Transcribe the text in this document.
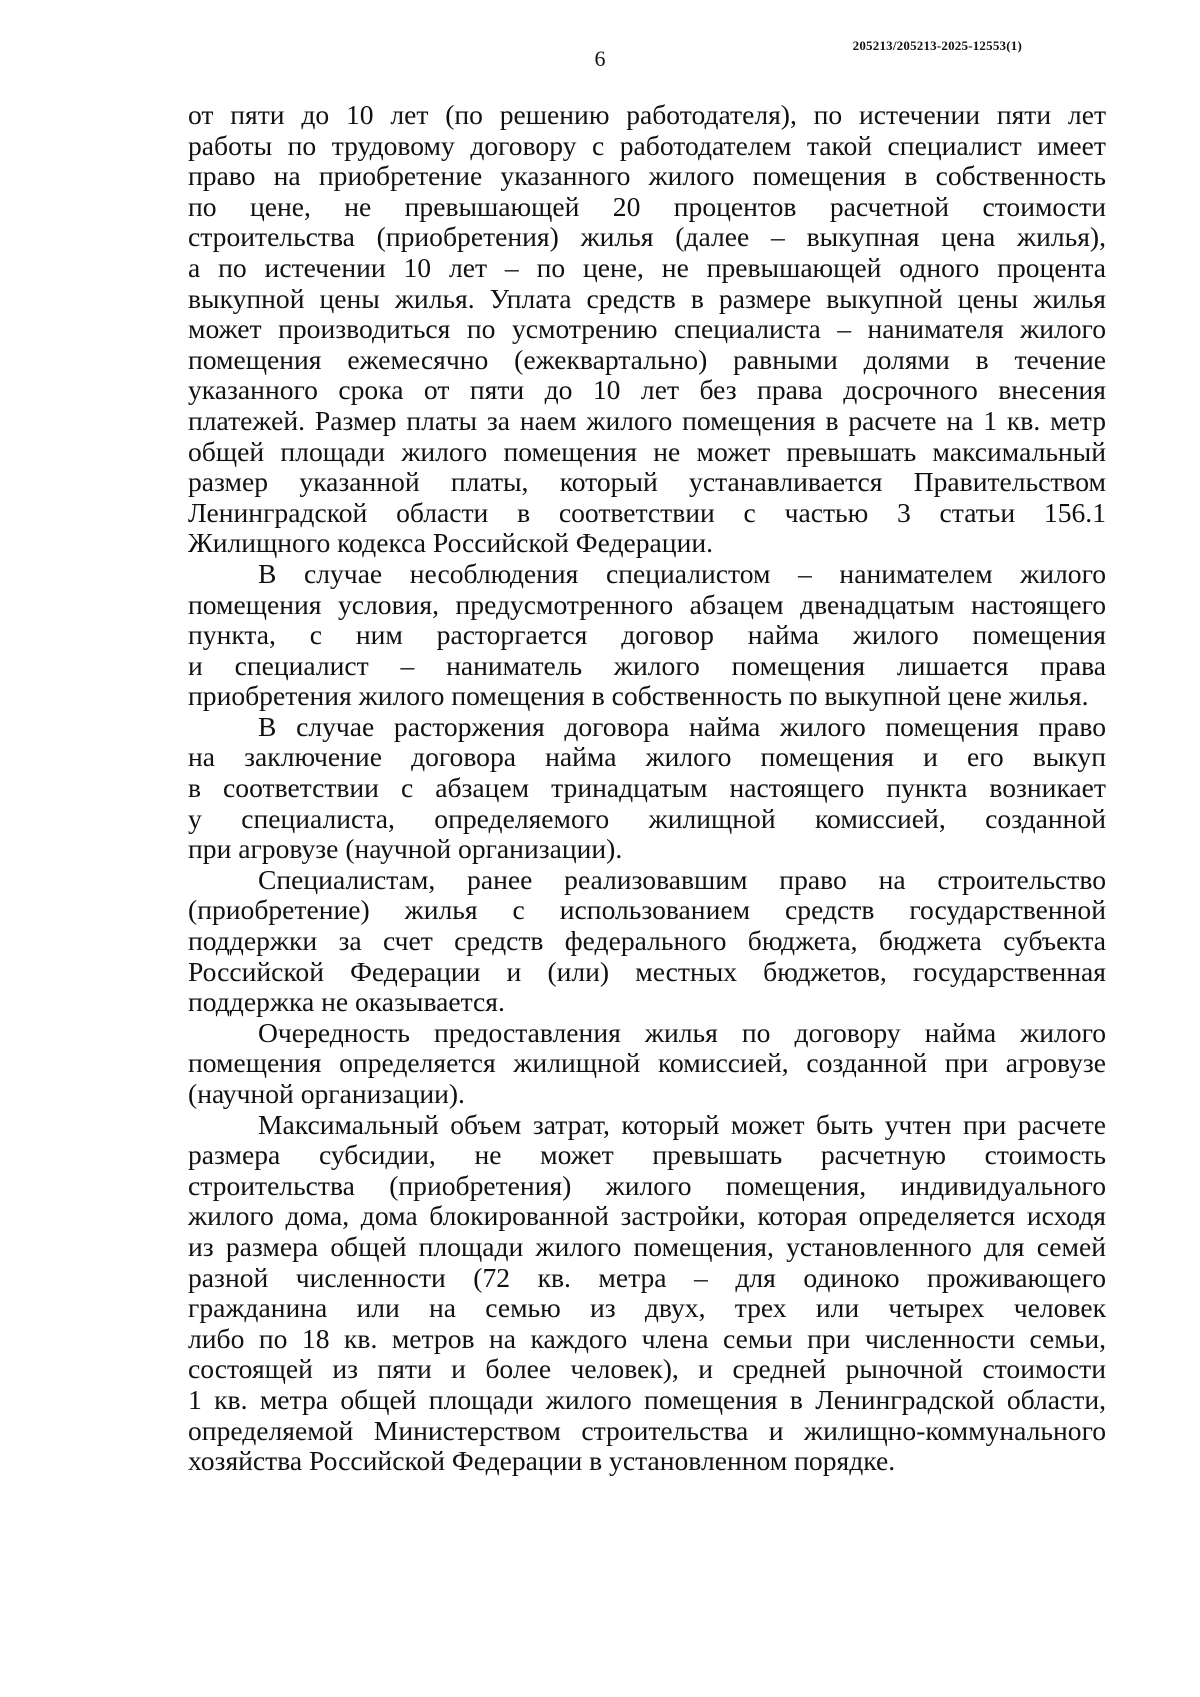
205213/205213-2025-12553(1)
6
от пяти до 10 лет (по решению работодателя), по истечении пяти лет
работы по трудовому договору с работодателем такой специалист имеет
право на приобретение указанного жилого помещения в собственность
по цене, не превышающей 20 процентов расчетной стоимости
строительства (приобретения) жилья (далее – выкупная цена жилья),
а по истечении 10 лет – по цене, не превышающей одного процента
выкупной цены жилья. Уплата средств в размере выкупной цены жилья
может производиться по усмотрению специалиста – нанимателя жилого
помещения ежемесячно (ежеквартально) равными долями в течение
указанного срока от пяти до 10 лет без права досрочного внесения
платежей. Размер платы за наем жилого помещения в расчете на 1 кв. метр
общей площади жилого помещения не может превышать максимальный
размер указанной платы, который устанавливается Правительством
Ленинградской области в соответствии с частью 3 статьи 156.1
Жилищного кодекса Российской Федерации.
В случае несоблюдения специалистом – нанимателем жилого
помещения условия, предусмотренного абзацем двенадцатым настоящего
пункта, с ним расторгается договор найма жилого помещения
и специалист – наниматель жилого помещения лишается права
приобретения жилого помещения в собственность по выкупной цене жилья.
В случае расторжения договора найма жилого помещения право
на заключение договора найма жилого помещения и его выкуп
в соответствии с абзацем тринадцатым настоящего пункта возникает
у специалиста, определяемого жилищной комиссией, созданной
при агровузе (научной организации).
Специалистам, ранее реализовавшим право на строительство
(приобретение) жилья с использованием средств государственной
поддержки за счет средств федерального бюджета, бюджета субъекта
Российской Федерации и (или) местных бюджетов, государственная
поддержка не оказывается.
Очередность предоставления жилья по договору найма жилого
помещения определяется жилищной комиссией, созданной при агровузе
(научной организации).
Максимальный объем затрат, который может быть учтен при расчете
размера субсидии, не может превышать расчетную стоимость
строительства (приобретения) жилого помещения, индивидуального
жилого дома, дома блокированной застройки, которая определяется исходя
из размера общей площади жилого помещения, установленного для семей
разной численности (72 кв. метра – для одиноко проживающего
гражданина или на семью из двух, трех или четырех человек
либо по 18 кв. метров на каждого члена семьи при численности семьи,
состоящей из пяти и более человек), и средней рыночной стоимости
1 кв. метра общей площади жилого помещения в Ленинградской области,
определяемой Министерством строительства и жилищно-коммунального
хозяйства Российской Федерации в установленном порядке.
